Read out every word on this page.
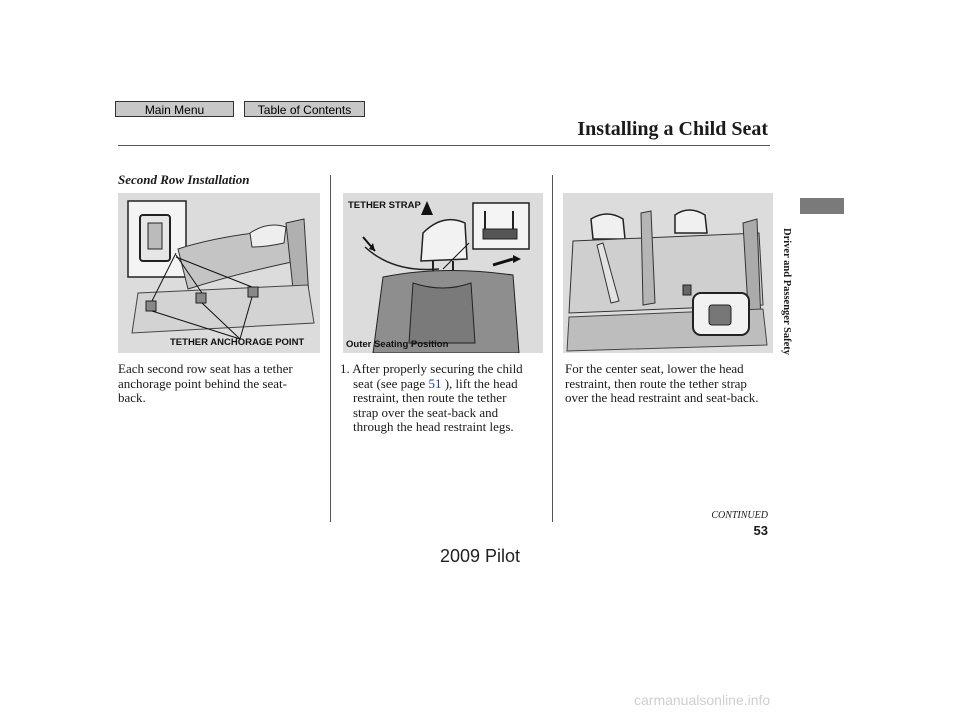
Main Menu	Table of Contents
Installing a Child Seat
Second Row Installation
TETHER ANCHORAGE POINT
TETHER STRAP
Outer Seating Position
Each second row seat has a tether
anchorage point behind the seat-
back.
1. After properly securing the child
seat (see page 51 ), lift the head
restraint, then route the tether
strap over the seat-back and
through the head restraint legs.
For the center seat, lower the head
restraint, then route the tether strap
over the head restraint and seat-back.
Driver and Passenger Safety
CONTINUED
53
2009 Pilot
carmanualsonline.info
